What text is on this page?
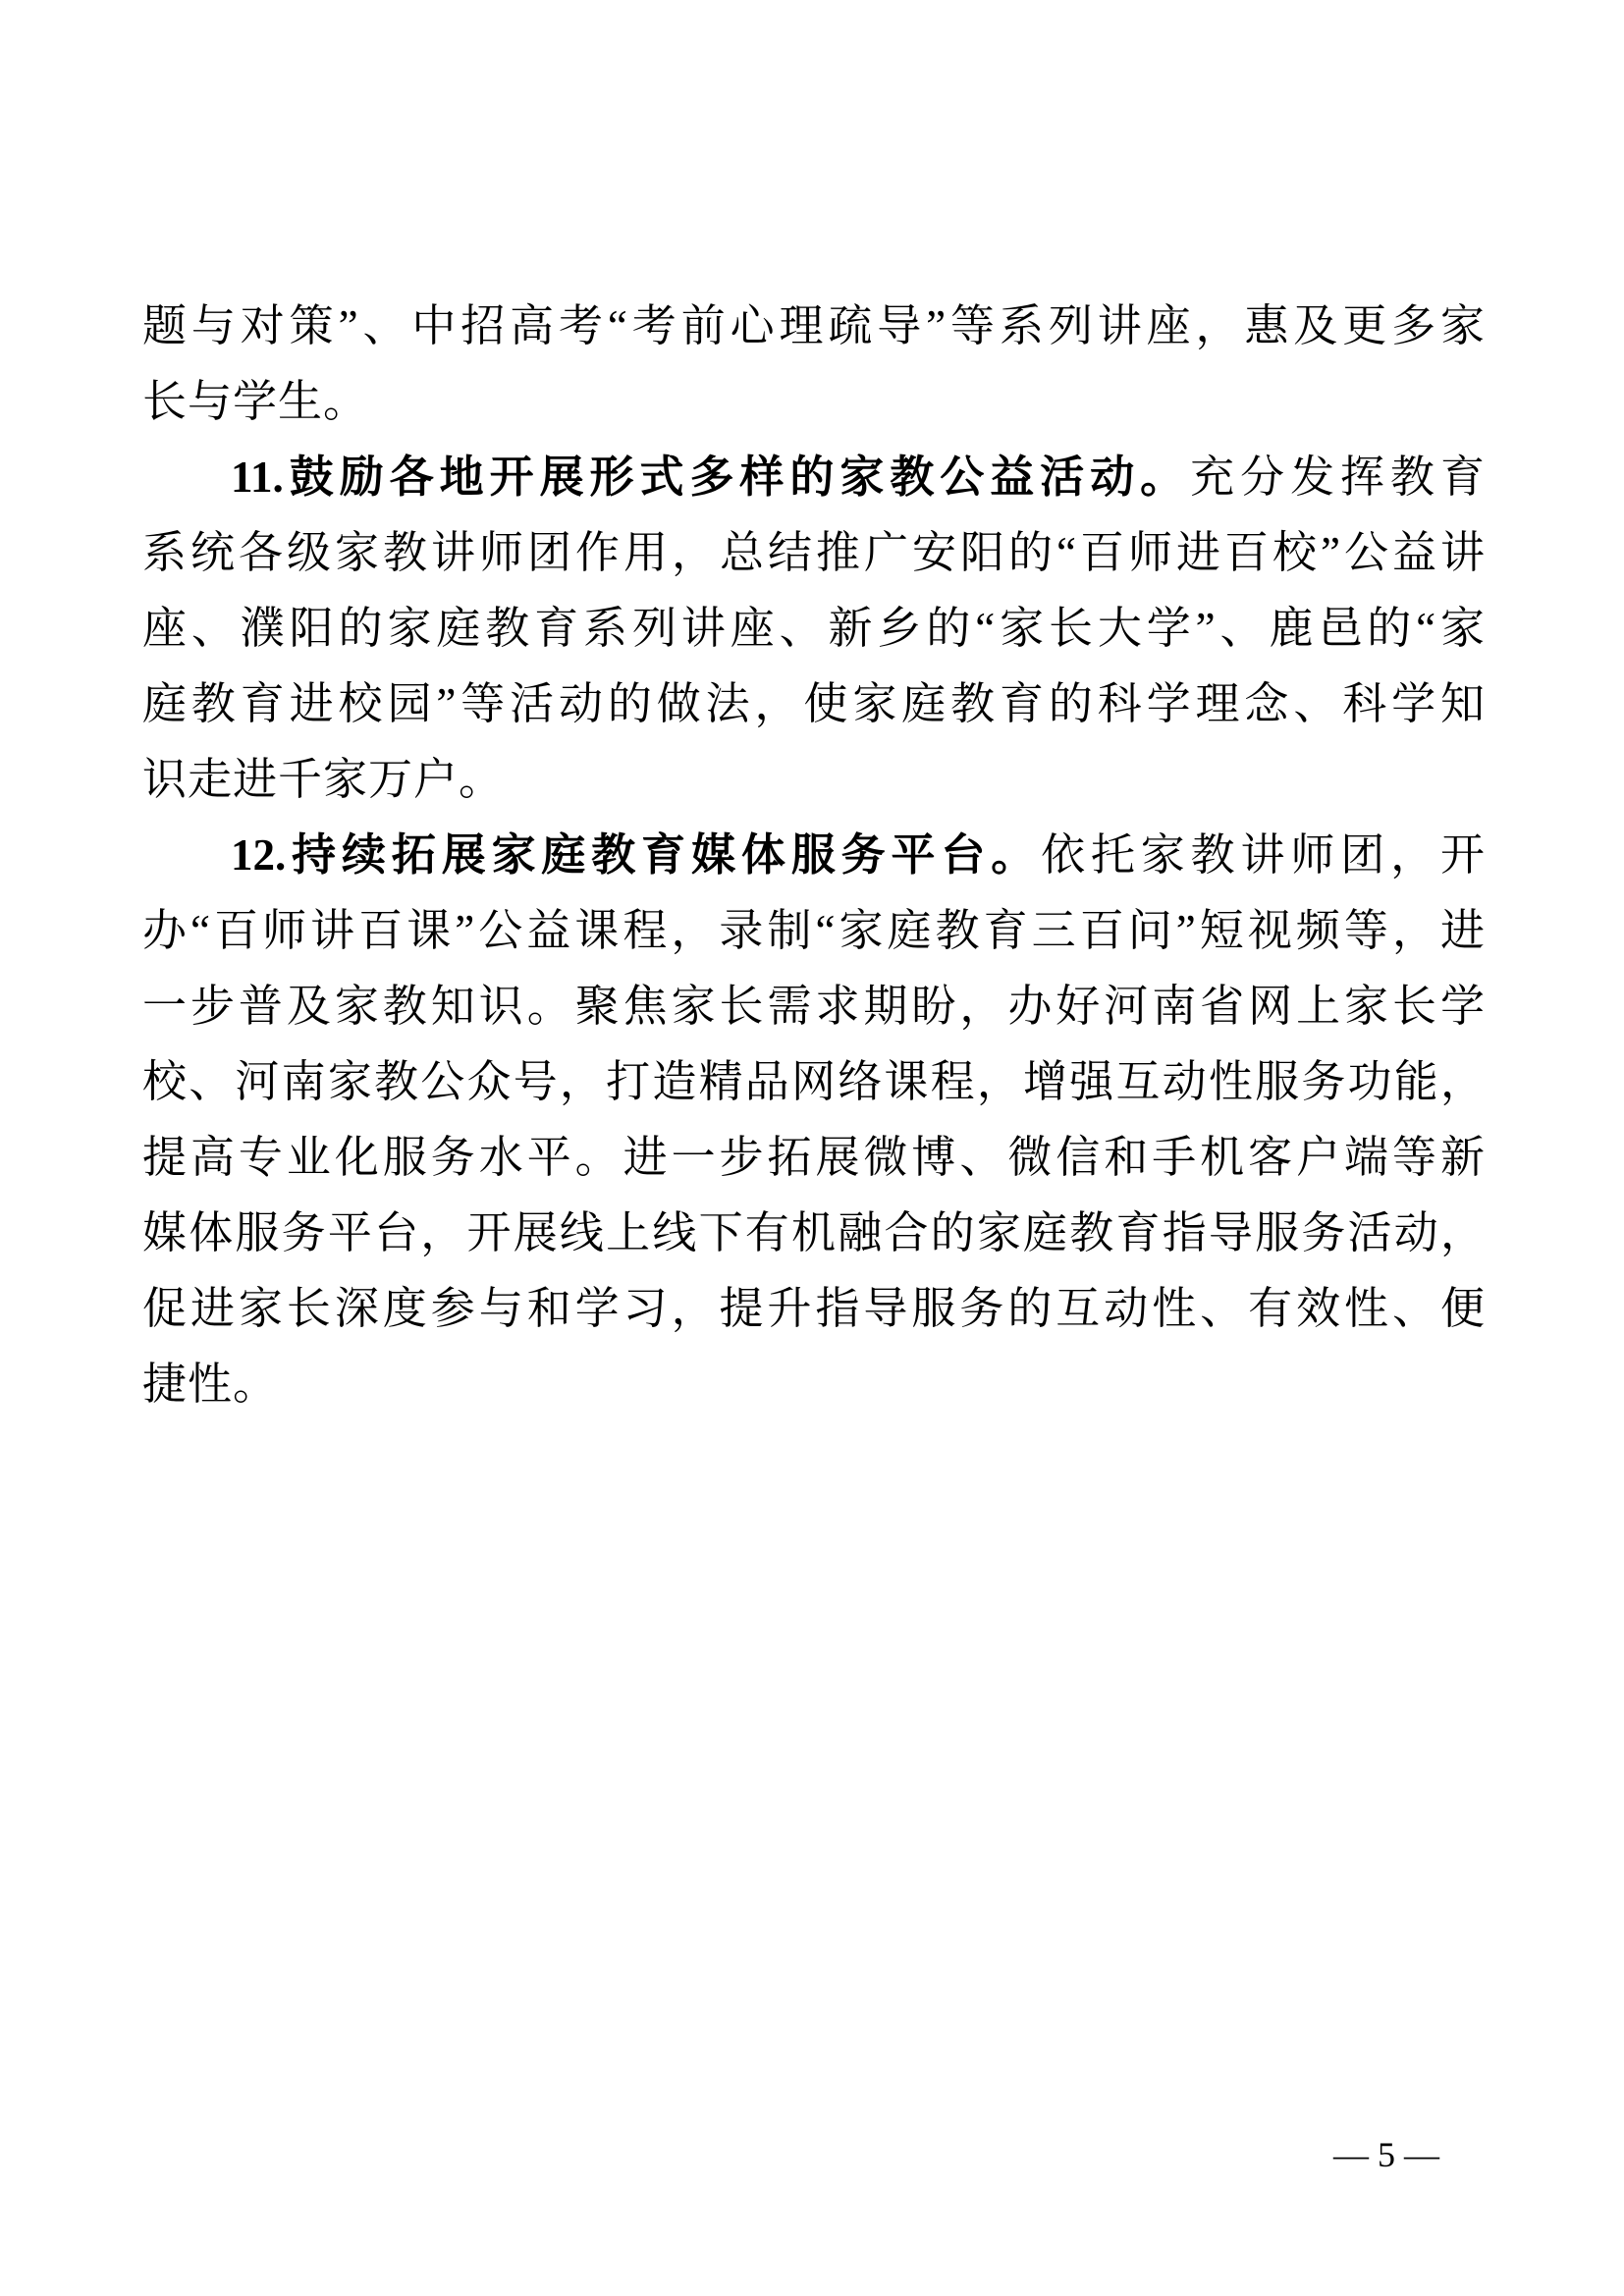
题与对策”、中招高考“考前心理疏导”等系列讲座，惠及更多家
长与学生。
11.鼓励各地开展形式多样的家教公益活动。充分发挥教育
系统各级家教讲师团作用，总结推广安阳的“百师进百校”公益讲
座、濮阳的家庭教育系列讲座、新乡的“家长大学”、鹿邑的“家
庭教育进校园”等活动的做法，使家庭教育的科学理念、科学知
识走进千家万户。
12.持续拓展家庭教育媒体服务平台。依托家教讲师团，开
办“百师讲百课”公益课程，录制“家庭教育三百问”短视频等，进
一步普及家教知识。聚焦家长需求期盼，办好河南省网上家长学
校、河南家教公众号，打造精品网络课程，增强互动性服务功能，
提高专业化服务水平。进一步拓展微博、微信和手机客户端等新
媒体服务平台，开展线上线下有机融合的家庭教育指导服务活动，
促进家长深度参与和学习，提升指导服务的互动性、有效性、便
捷性。
— 5 —
